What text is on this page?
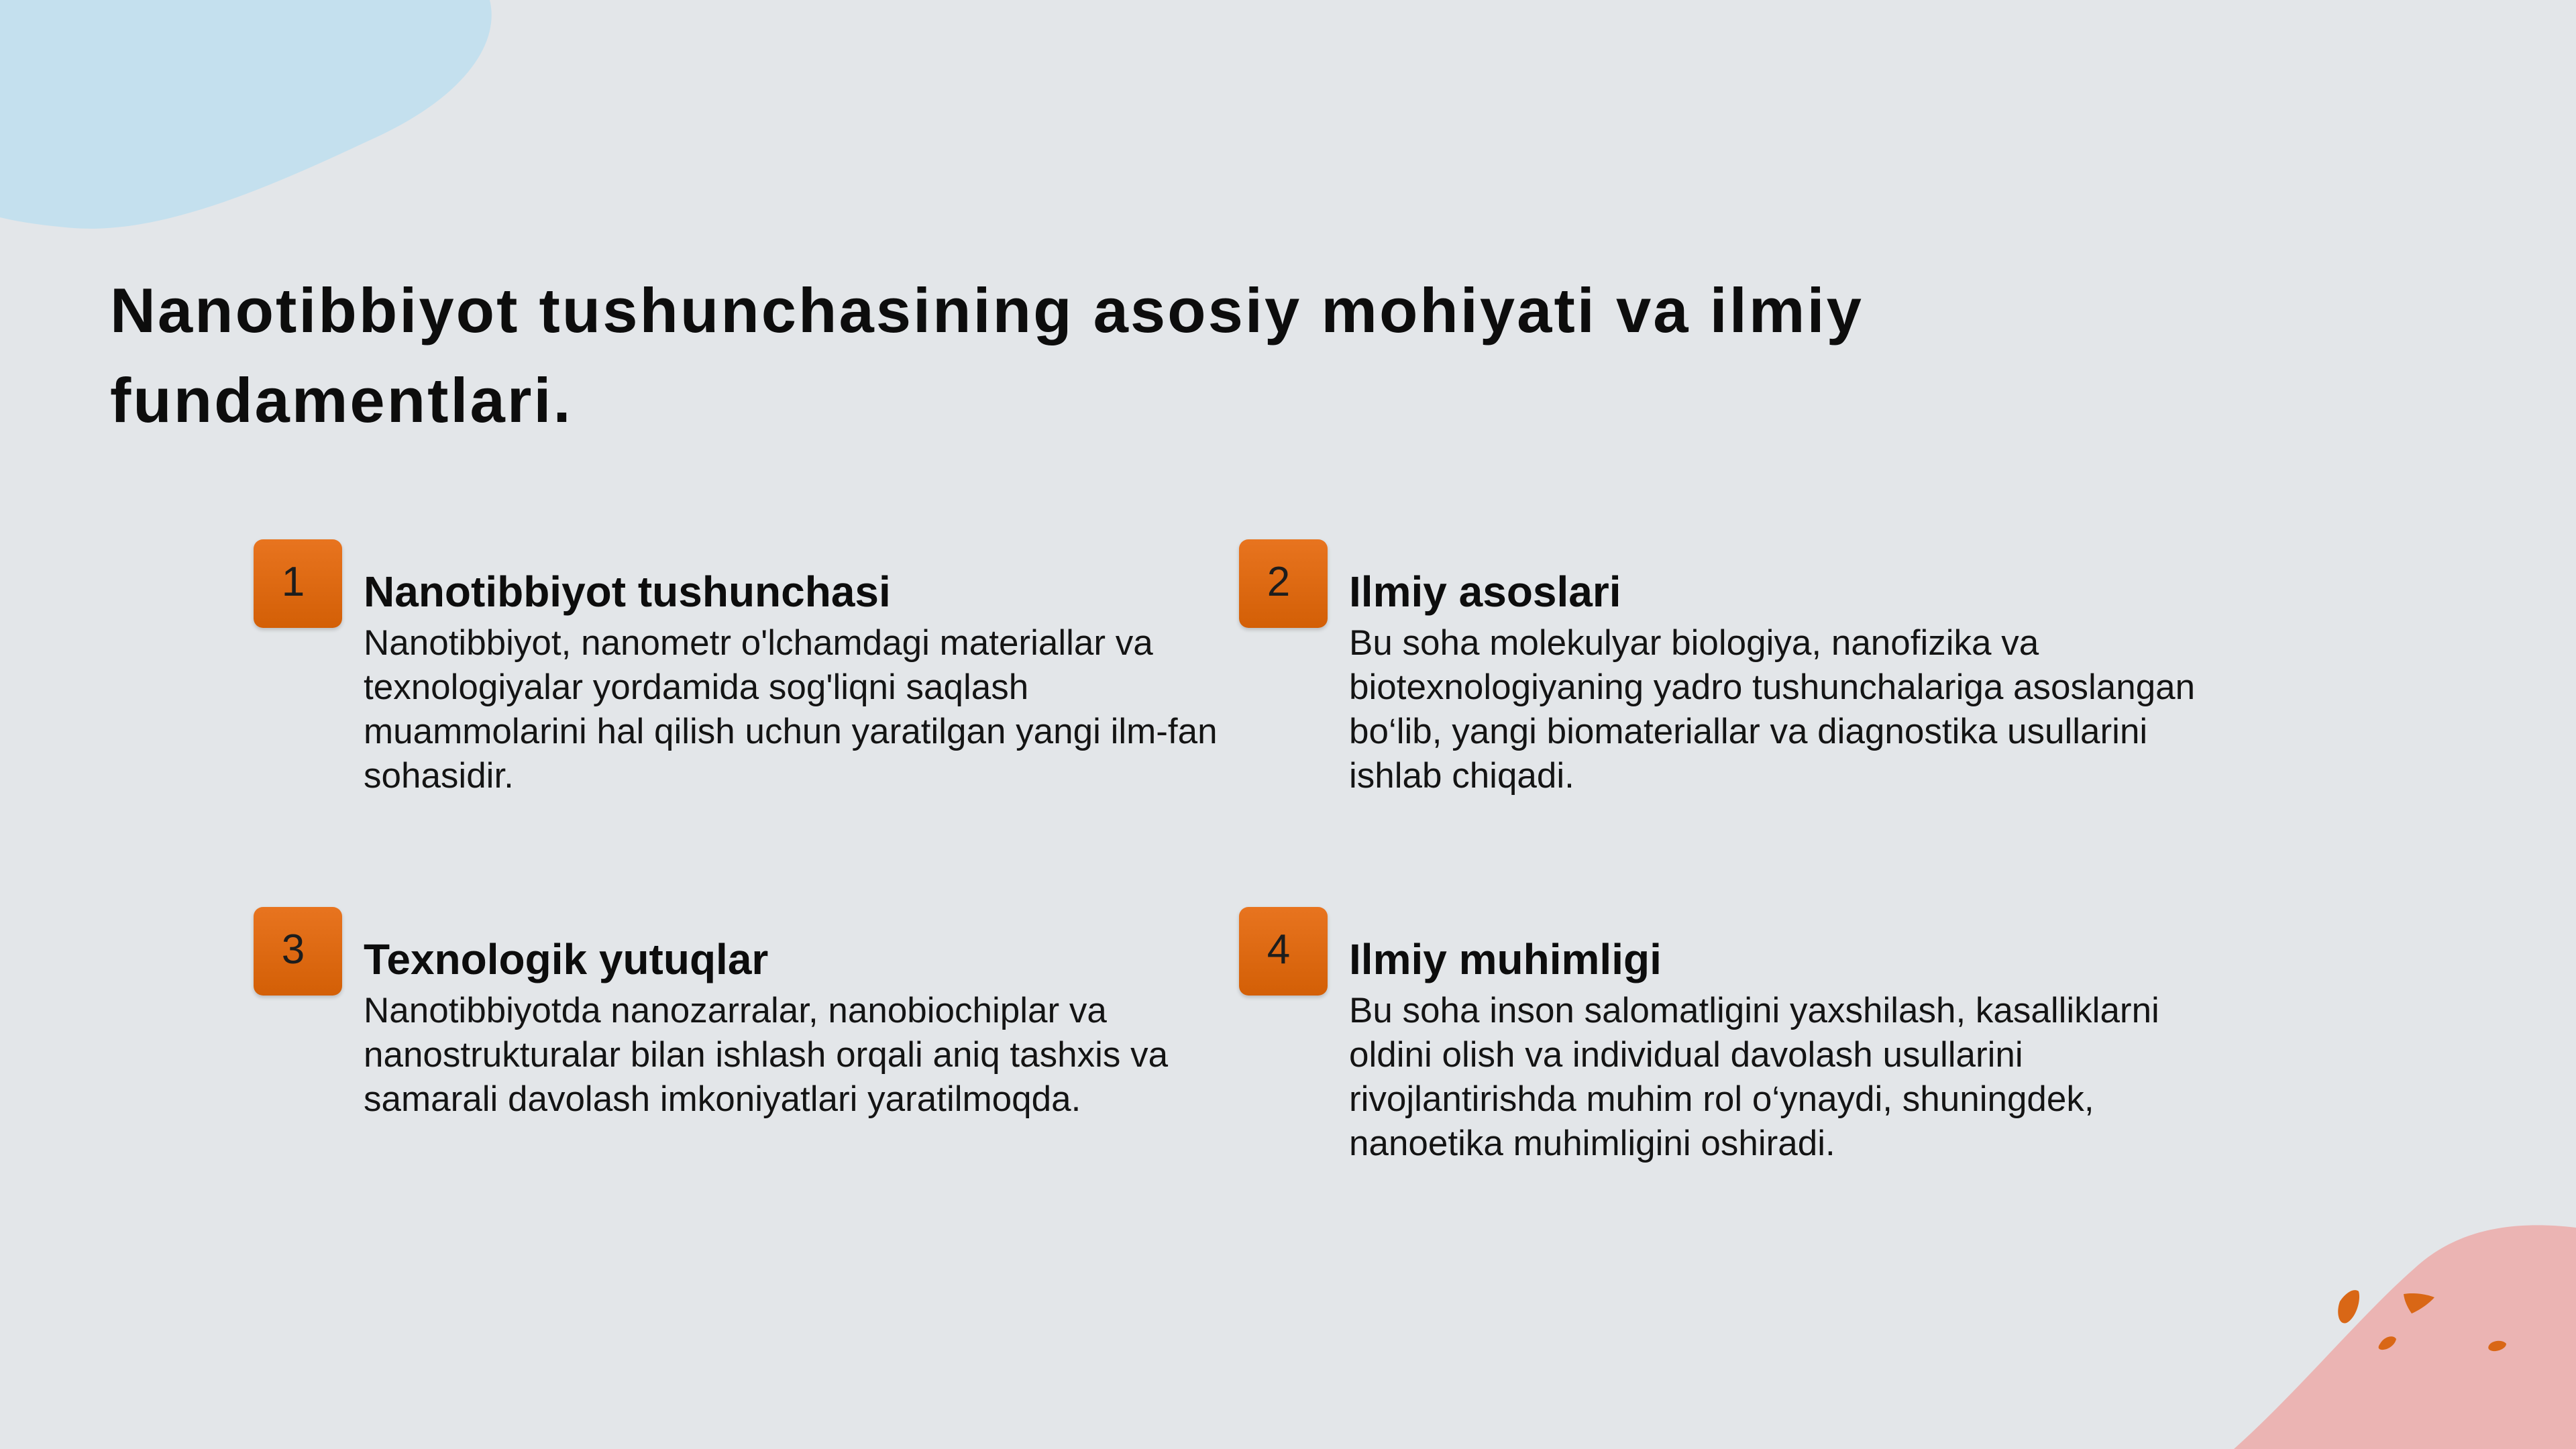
Nanotibbiyot tushunchasining asosiy mohiyati va ilmiy fundamentlari.
1 Nanotibbiyot tushunchasi

Nanotibbiyot, nanometr o'lchamdagi materiallar va texnologiyalar yordamida sog'liqni saqlash muammolarini hal qilish uchun yaratilgan yangi ilm-fan sohasidir.

2 Ilmiy asoslari

Bu soha molekulyar biologiya, nanofizika va biotexnologiyaning yadro tushunchalariga asoslangan bo‘lib, yangi biomateriallar va diagnostika usullarini ishlab chiqadi.

3 Texnologik yutuqlar

Nanotibbiyotda nanozarralar, nanobiochiplar va nanostrukturalar bilan ishlash orqali aniq tashxis va samarali davolash imkoniyatlari yaratilmoqda.

4 Ilmiy muhimligi

Bu soha inson salomatligini yaxshilash, kasalliklarni oldini olish va individual davolash usullarini rivojlantirishda muhim rol o‘ynaydi, shuningdek, nanoetika muhimligini oshiradi.
